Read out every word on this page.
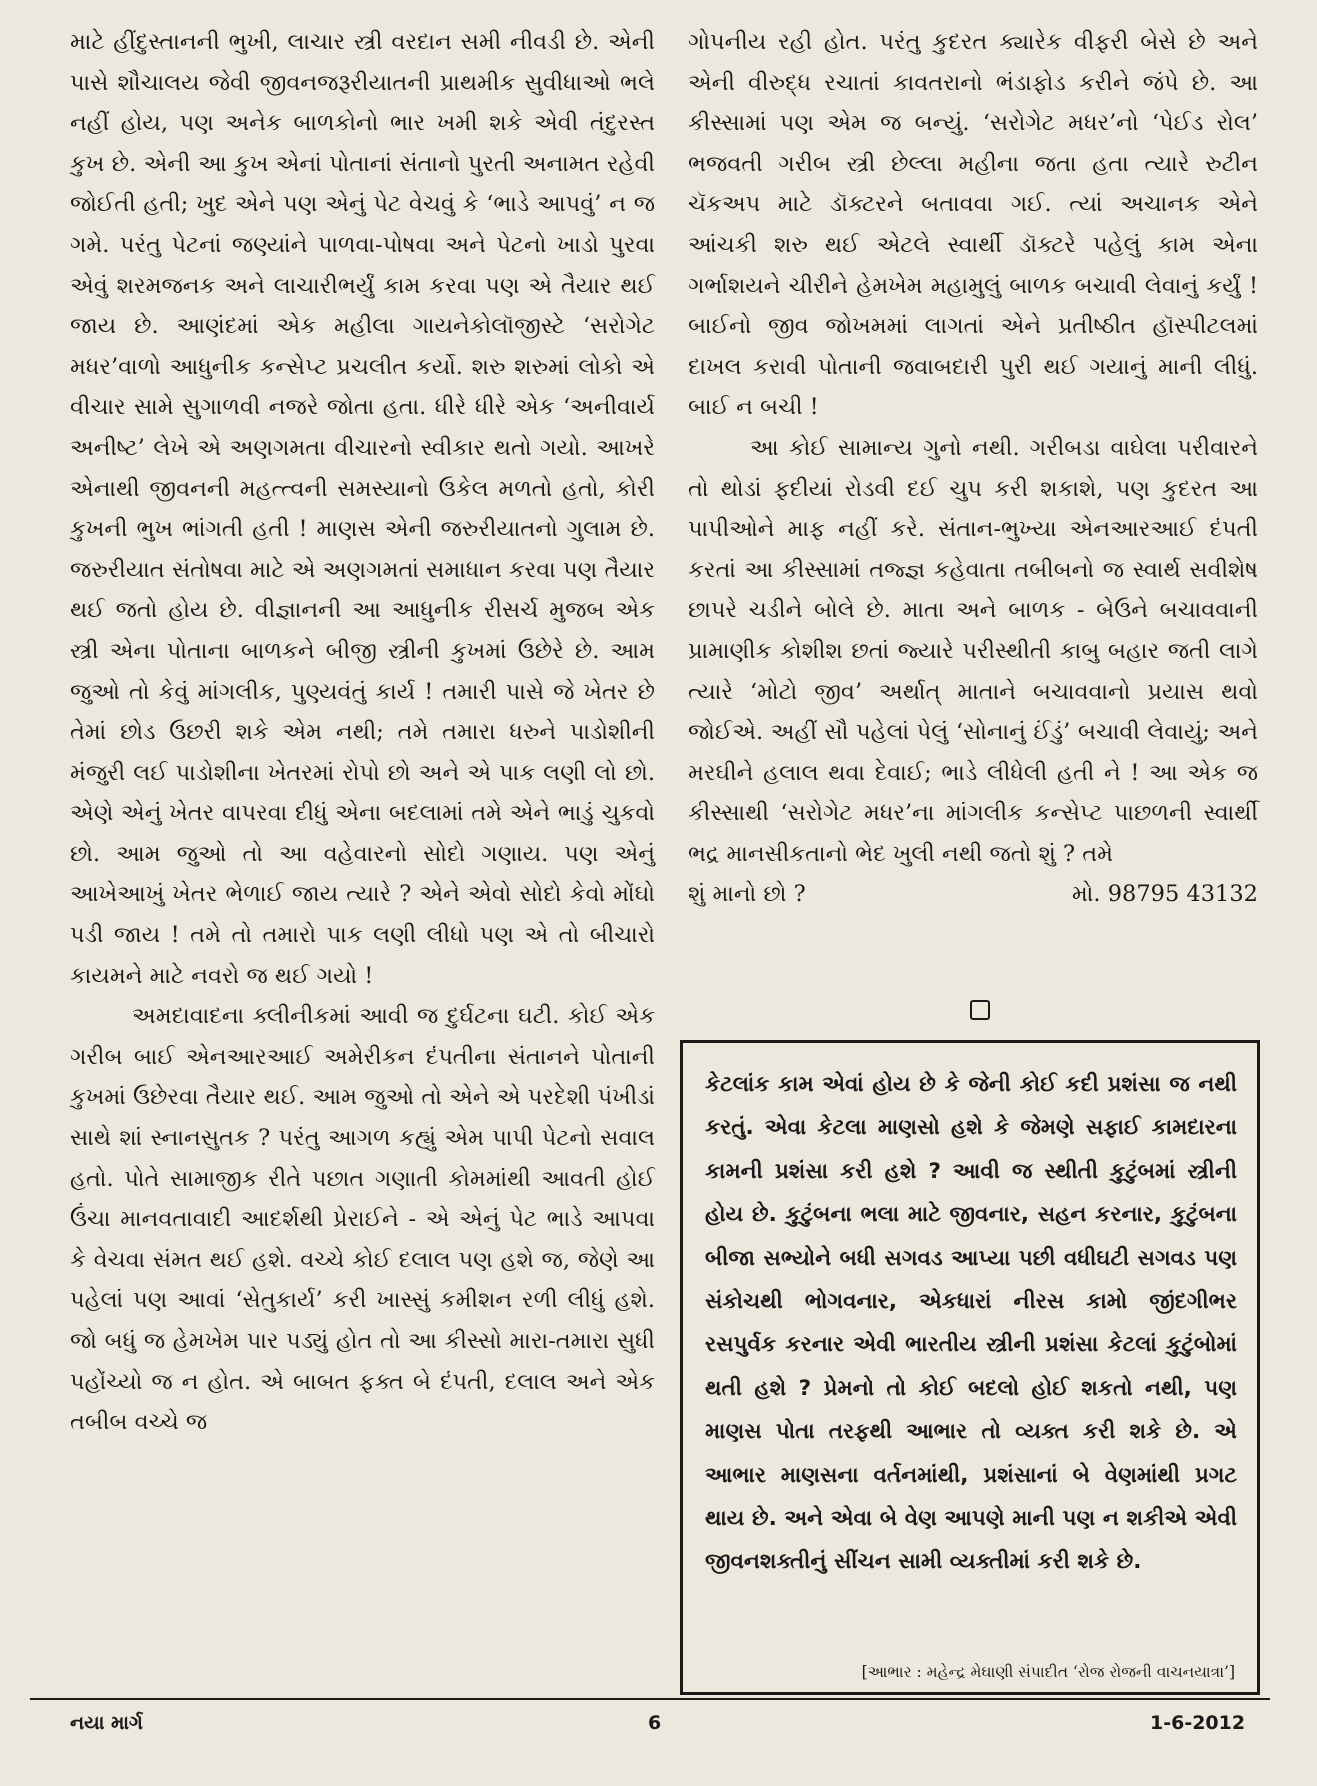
માટે હીંદુસ્તાનની ભુખી, લાચાર સ્ત્રી વરદાન સમી નીવડી છે. એની પાસે શૌચાલય જેવી જીવનજરૂરીયાતની પ્રાથમીક સુવીધાઓ ભલે નહીં હોય, પણ અનેક બાળકોનો ભાર ખમી શકે એવી તંદુરસ્ત કુખ છે. એની આ કુખ એનાં પોતાનાં સંતાનો પુરતી અનામત રહેવી જોઈતી હતી; ખુદ એને પણ એનું પેટ વેચવું કે ‘ભાડે આપવું’ ન જ ગમે. પરંતુ પેટનાં જણ્યાંને પાળવા-પોષવા અને પેટનો ખાડો પુરવા એવું શરમજનક અને લાચારીભર્યું કામ કરવા પણ એ તૈયાર થઈ જાય છે. આણંદમાં એક મહીલા ગાયનેકોલૉજીસ્ટે ‘સરોગેટ મધર’વાળો આધુનીક કન્સેપ્ટ પ્રચલીત કર્યો. શરુ શરુમાં લોકો એ વીચાર સામે સુગાળવી નજરે જોતા હતા. ધીરે ધીરે એક ‘અનીવાર્ય અનીષ્ટ’ લેખે એ અણગમતા વીચારનો સ્વીકાર થતો ગયો. આખરે એનાથી જીવનની મહત્ત્વની સમસ્યાનો ઉકેલ મળતો હતો, કોરી કુખની ભુખ ભાંગતી હતી ! માણસ એની જરુરીયાતનો ગુલામ છે. જરુરીયાત સંતોષવા માટે એ અણગમતાં સમાધાન કરવા પણ તૈયાર થઈ જતો હોય છે. વીજ્ઞાનની આ આધુનીક રીસર્ચ મુજબ એક સ્ત્રી એના પોતાના બાળકને બીજી સ્ત્રીની કુખમાં ઉછેરે છે. આમ જુઓ તો કેવું માંગલીક, પુણ્યવંતું કાર્ય ! તમારી પાસે જે ખેતર છે તેમાં છોડ ઉછરી શકે એમ નથી; તમે તમારા ધરુને પાડોશીની મંજુરી લઈ પાડોશીના ખેતરમાં રોપો છો અને એ પાક લણી લો છો. એણે એનું ખેતર વાપરવા દીધું એના બદલામાં તમે એને ભાડું ચુકવો છો. આમ જુઓ તો આ વહેવારનો સોદો ગણાય. પણ એનું આખેઆખું ખેતર ભેળાઈ જાય ત્યારે ? એને એવો સોદો કેવો મોંઘો પડી જાય ! તમે તો તમારો પાક લણી લીધો પણ એ તો બીચારો કાયમને માટે નવરો જ થઈ ગયો !

અમદાવાદના ક્લીનીકમાં આવી જ દુર્ઘટના ઘટી. કોઈ એક ગરીબ બાઈ એનઆરઆઈ અમેરીકન દંપતીના સંતાનને પોતાની કુખમાં ઉછેરવા તૈયાર થઈ. આમ જુઓ તો એને એ પરદેશી પંખીડાં સાથે શાં સ્નાનસુતક ? પરંતુ આગળ કહ્યું એમ પાપી પેટનો સવાલ હતો. પોતે સામાજીક રીતે પછાત ગણાતી કોમમાંથી આવતી હોઈ ઉંચા માનવતાવાદી આદર્શથી પ્રેરાઈને - એ એનું પેટ ભાડે આપવા કે વેચવા સંમત થઈ હશે. વચ્ચે કોઈ દલાલ પણ હશે જ, જેણે આ પહેલાં પણ આવાં ‘સેતુકાર્ય’ કરી ખાસ્સું કમીશન રળી લીધું હશે. જો બધું જ હેમખેમ પાર પડ્યું હોત તો આ કીસ્સો મારા-તમારા સુધી પહોંચ્યો જ ન હોત. એ બાબત ફક્ત બે દંપતી, દલાલ અને એક તબીબ વચ્ચે જ

ગોપનીય રહી હોત. પરંતુ કુદરત ક્યારેક વીફરી બેસે છે અને એની વીરુદ્ધ રચાતાં કાવતરાનો ભંડાફોડ કરીને જંપે છે. આ કીસ્સામાં પણ એમ જ બન્યું. ‘સરોગેટ મધર’નો ‘પેઈડ રોલ’ ભજવતી ગરીબ સ્ત્રી છેલ્લા મહીના જતા હતા ત્યારે રુટીન ચૅકઅપ માટે ડૉક્ટરને બતાવવા ગઈ. ત્યાં અચાનક એને આંચકી શરુ થઈ એટલે સ્વાર્થી ડૉક્ટરે પહેલું કામ એના ગર્ભાશયને ચીરીને હેમખેમ મહામુલું બાળક બચાવી લેવાનું કર્યું ! બાઈનો જીવ જોખમમાં લાગતાં એને પ્રતીષ્ઠીત હૉસ્પીટલમાં દાખલ કરાવી પોતાની જવાબદારી પુરી થઈ ગયાનું માની લીધું. બાઈ ન બચી !

આ કોઈ સામાન્ય ગુનો નથી. ગરીબડા વાઘેલા પરીવારને તો થોડાં ફદીયાં રોડવી દઈ ચુપ કરી શકાશે, પણ કુદરત આ પાપીઓને માફ નહીં કરે. સંતાન-ભુખ્યા એનઆરઆઈ દંપતી કરતાં આ કીસ્સામાં તજ્જ્ઞ કહેવાતા તબીબનો જ સ્વાર્થ સવીશેષ છાપરે ચડીને બોલે છે. માતા અને બાળક - બેઉને બચાવવાની પ્રામાણીક કોશીશ છતાં જ્યારે પરીસ્થીતી કાબુ બહાર જતી લાગે ત્યારે ‘મોટો જીવ’ અર્થાત્ માતાને બચાવવાનો પ્રયાસ થવો જોઈએ. અહીં સૌ પહેલાં પેલું ‘સોનાનું ઈંડું’ બચાવી લેવાયું; અને મરઘીને હલાલ થવા દેવાઈ; ભાડે લીધેલી હતી ને ! આ એક જ કીસ્સાથી ‘સરોગેટ મધર’ના માંગલીક કન્સેપ્ટ પાછળની સ્વાર્થી ભદ્ર માનસીકતાનો ભેદ ખુલી નથી જતો શું ? તમે

શું માનો છો ?	મો. 98795 43132

કેટલાંક કામ એવાં હોય છે કે જેની કોઈ કદી પ્રશંસા જ નથી કરતું. એવા કેટલા માણસો હશે કે જેમણે સફાઈ કામદારના કામની પ્રશંસા કરી હશે ? આવી જ સ્થીતી કુટુંબમાં સ્ત્રીની હોય છે. કુટુંબના ભલા માટે જીવનાર, સહન કરનાર, કુટુંબના બીજા સભ્યોને બધી સગવડ આપ્યા પછી વધીઘટી સગવડ પણ સંકોચથી ભોગવનાર, એકધારાં નીરસ કામો જીંદગીભર રસપુર્વક કરનાર એવી ભારતીય સ્ત્રીની પ્રશંસા કેટલાં કુટુંબોમાં થતી હશે ? પ્રેમનો તો કોઈ બદલો હોઈ શકતો નથી, પણ માણસ પોતા તરફથી આભાર તો વ્યક્ત કરી શકે છે. એ આભાર માણસના વર્તનમાંથી, પ્રશંસાનાં બે વેણમાંથી પ્રગટ થાય છે. અને એવા બે વેણ આપણે માની પણ ન શકીએ એવી જીવનશક્તીનું સીંચન સામી વ્યક્તીમાં કરી શકે છે.

[આભાર : મહેન્દ્ર મેઘાણી સંપાદીત ‘રોજ રોજની વાચનયાત્રા’]

નયા માર્ગ	6	1-6-2012
